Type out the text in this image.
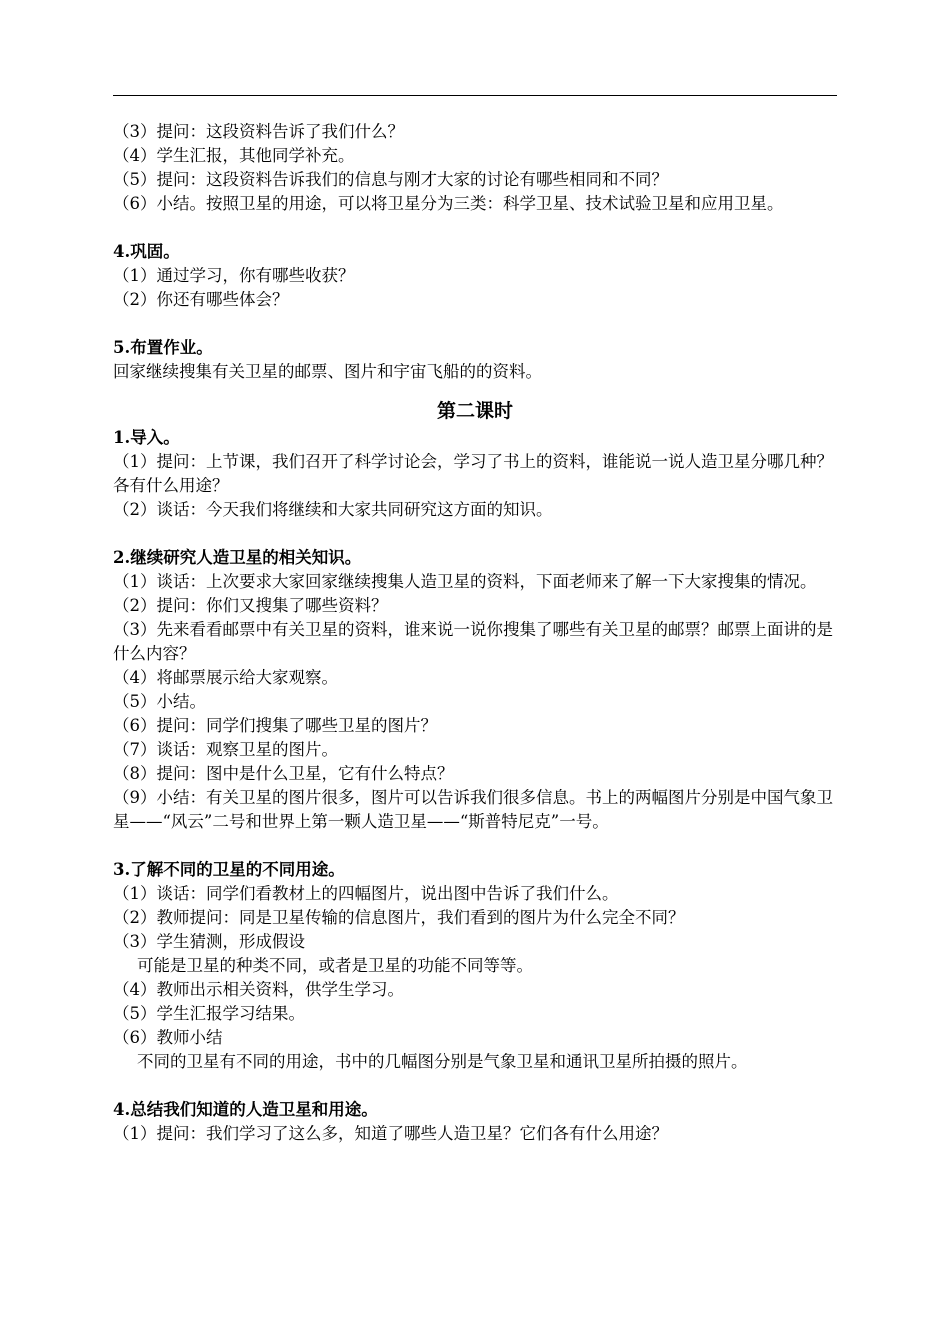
（3）提问：这段资料告诉了我们什么？
（4）学生汇报，其他同学补充。
（5）提问：这段资料告诉我们的信息与刚才大家的讨论有哪些相同和不同？
（6）小结。按照卫星的用途，可以将卫星分为三类：科学卫星、技术试验卫星和应用卫星。
4.巩固。
（1）通过学习，你有哪些收获？
（2）你还有哪些体会？
5.布置作业。
回家继续搜集有关卫星的邮票、图片和宇宙飞船的的资料。
第二课时
1.导入。
（1）提问：上节课，我们召开了科学讨论会，学习了书上的资料，谁能说一说人造卫星分哪几种？各有什么用途？
（2）谈话：今天我们将继续和大家共同研究这方面的知识。
2.继续研究人造卫星的相关知识。
（1）谈话：上次要求大家回家继续搜集人造卫星的资料，下面老师来了解一下大家搜集的情况。
（2）提问：你们又搜集了哪些资料？
（3）先来看看邮票中有关卫星的资料，谁来说一说你搜集了哪些有关卫星的邮票？邮票上面讲的是什么内容？
（4）将邮票展示给大家观察。
（5）小结。
（6）提问：同学们搜集了哪些卫星的图片？
（7）谈话：观察卫星的图片。
（8）提问：图中是什么卫星，它有什么特点？
（9）小结：有关卫星的图片很多，图片可以告诉我们很多信息。书上的两幅图片分别是中国气象卫星——“风云”二号和世界上第一颗人造卫星——“斯普特尼克”一号。
3.了解不同的卫星的不同用途。
（1）谈话：同学们看教材上的四幅图片，说出图中告诉了我们什么。
（2）教师提问：同是卫星传输的信息图片，我们看到的图片为什么完全不同？
（3）学生猜测，形成假设
可能是卫星的种类不同，或者是卫星的功能不同等等。
（4）教师出示相关资料，供学生学习。
（5）学生汇报学习结果。
（6）教师小结
不同的卫星有不同的用途，书中的几幅图分别是气象卫星和通讯卫星所拍摄的照片。
4.总结我们知道的人造卫星和用途。
（1）提问：我们学习了这么多，知道了哪些人造卫星？它们各有什么用途？
